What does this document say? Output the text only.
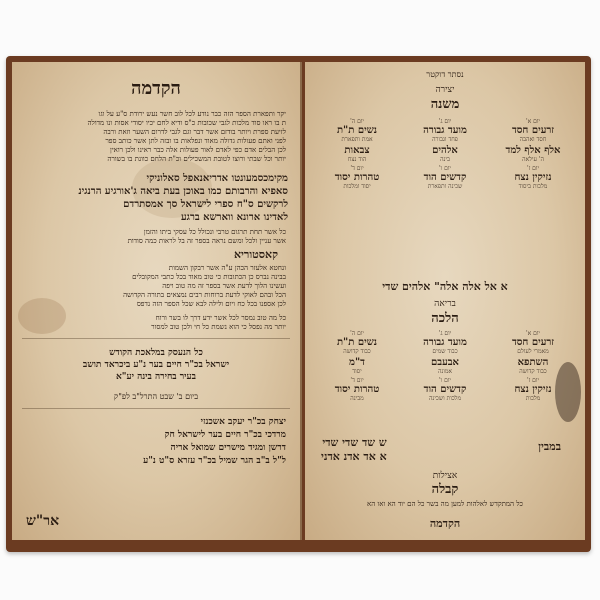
הקדמה
יקר ותפארת הספר הזה כבר נודע לכל לוב חשר נעש ירודת ס"ע על וגו
ת בו ראו סוד מלכות לגבי שכובות כ"ס ודיא לחם יכיו יסודי אסות ונו מדולה
לזיעת ספרת ויותר בודזם אשר דבר וגם לגבי לדרום השער וזאת ורבה
לפני ואתם פעולות גדולה מאוד ונפלאות בו ובזה לתן אשר כותב ספר
לכן הבלים אדם כפי לאדם לאור פעולות אלה כבר ראינו ולכן רואין
יותר וכל שבתי ורוצו לטובת המשכילים וכ"ת הלחם כוונת בו בשורה
מקימכסמעונטו אדריאנאפל סאלוניקי
סאפיא והרבותם כמו באוכן בעת ביאה ג'אורגיע הרנגינ
לרקשים ס"ח ספרי לישראל סך אמסתרדם
לאדינו ארונא ווארשא ברגע
כל אשר תחת תרגום טרבי ונכולל כל עסקי ביתו והזמן
אשר עניין ולכל ומשם נראה בספר זה בל לראות כמה סודות
קאסטוריא
ונחטא אלעזר הכהן ע"ה אשר רבקון השמות
בבינה נברס כן הכתובות כי טוב מאוד בכל כתבי המקובלים
ועשינו הלוך לדעת אשר בספר זה מה טוב ויפה
הכל ובהם לאוקי לדעת ברוחות רבים נמצאים בתורה הקדושה
לכן אספנו בכל כח ויום ולילה לבא שכל הספר הזה נדפס
כל מה טוב נמסר לכל אשר ידע דרך לו בשר ורוח
יותר מה נפסל כי הוא נשמת כל חי ולכן טוב למסור
כל הנעסק במלאכת הקודש
ישראל בכ"ר חיים בער נ"ע ביכראד תושב
בעיר בחירה בינה יע"א
ביום ב' שבט התרל"ב לפ"ק
יצחק בכ"ר יעקב אשכנזי
מרדכי בכ"ר חיים בער לישראל חק
דרשן ומגיד מישרים שמואל אריה
ל"ל ב"ב הגר שמיל בכ"ר עזרא ס"ט נ"ע
אר"ש
נסתר דוקטר
יצירה
משנה
יום א'
זרעים חסד
חסד ואהבה
יום ג'
מועד גבורה
פחד וגבורה
יום ה'
נשים ת"ת
אמת ותפארת
אלף אלף למד
ה' עילאה
אלהים
בינה
צבאות
הוד נצח
יום ז'
נזיקין נצח
מלכות ביסוד
יום ו'
קדשים הוד
שכינה ותפארת
יום ד'
טהרות יסוד
יסוד ומלכות
א אל אלה אלה" אלהים שדי
בריאה
הלכה
יום א'
זרעים חסד
מאמרי לעולם
יום ג'
מועד גבורה
כבוד שמים
יום ה'
נשים ת"ת
כבוד קדושה
השתפא
כבוד קדושה
אבעבם
אמונה
ד"מ
יסוד
יום ז'
נזיקין נצח
מלכות
יום ו'
קדשים הוד
מלכות ושכינה
יום ד'
טהרות יסוד
מבינה
ש שד שדי שדי
א אד אדנ אדני
במבין
אצילות
קבלה
כל המתקדש לאלהות למען מה בשר כל הם יוד הא ואו הא
הקדמה
